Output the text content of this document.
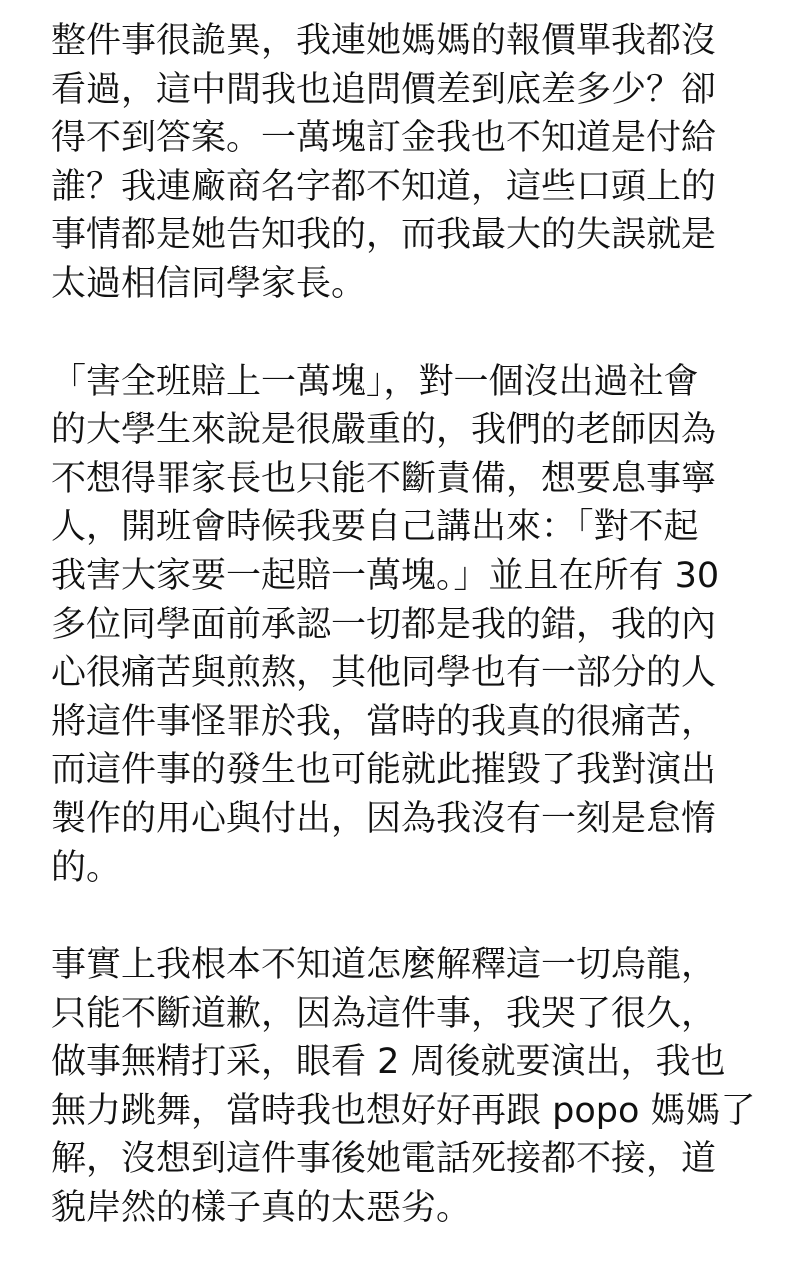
整件事很詭異，我連她媽媽的報價單我都沒
看過，這中間我也追問價差到底差多少？卻
得不到答案。一萬塊訂金我也不知道是付給
誰？我連廠商名字都不知道，這些口頭上的
事情都是她告知我的，而我最大的失誤就是
太過相信同學家長。

「害全班賠上一萬塊」，對一個沒出過社會
的大學生來說是很嚴重的，我們的老師因為
不想得罪家長也只能不斷責備，想要息事寧
人，開班會時候我要自己講出來：「對不起
我害大家要一起賠一萬塊。」並且在所有 30
多位同學面前承認一切都是我的錯，我的內
心很痛苦與煎熬，其他同學也有一部分的人
將這件事怪罪於我，當時的我真的很痛苦，
而這件事的發生也可能就此摧毀了我對演出
製作的用心與付出，因為我沒有一刻是怠惰
的。

事實上我根本不知道怎麼解釋這一切烏龍，
只能不斷道歉，因為這件事，我哭了很久，
做事無精打采，眼看 2 周後就要演出，我也
無力跳舞，當時我也想好好再跟 popo 媽媽了
解，沒想到這件事後她電話死接都不接，道
貌岸然的樣子真的太惡劣。
